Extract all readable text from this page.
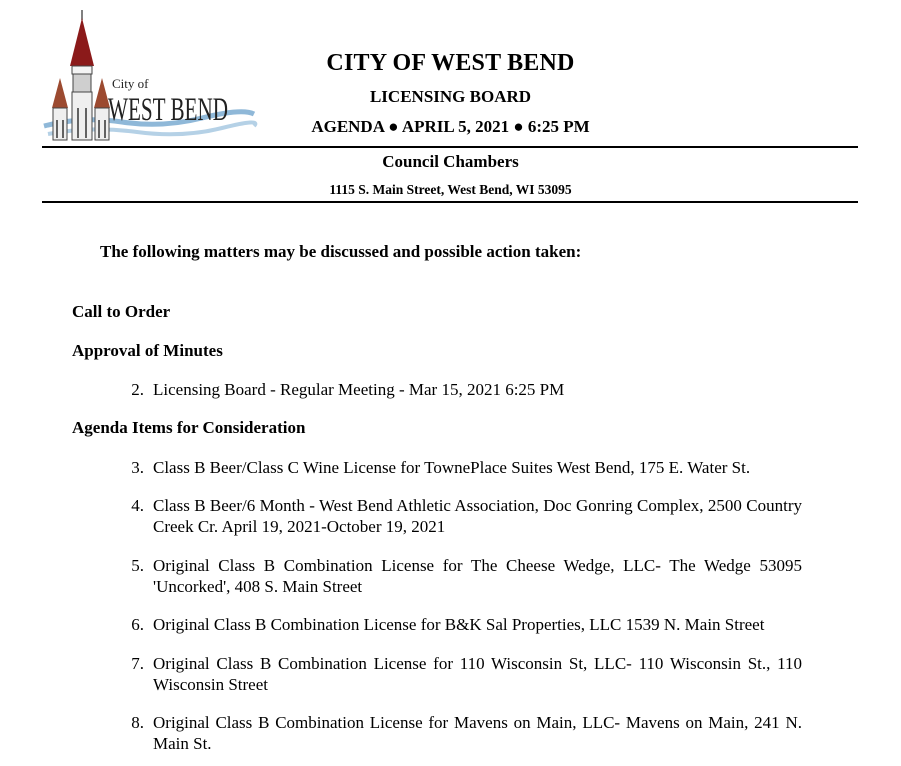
City of
WEST BEND
CITY OF WEST BEND
LICENSING BOARD
AGENDA ● APRIL 5, 2021 ● 6:25 PM
Council Chambers
1115 S. Main Street, West Bend, WI 53095
The following matters may be discussed and possible action taken:
Call to Order
Approval of Minutes
2. Licensing Board - Regular Meeting - Mar 15, 2021 6:25 PM
Agenda Items for Consideration
3. Class B Beer/Class C Wine License for TownePlace Suites West Bend, 175 E. Water St.
4. Class B Beer/6 Month - West Bend Athletic Association, Doc Gonring Complex, 2500 Country Creek Cr. April 19, 2021-October 19, 2021
5. Original Class B Combination License for The Cheese Wedge, LLC- The Wedge 53095 'Uncorked', 408 S. Main Street
6. Original Class B Combination License for B&K Sal Properties, LLC 1539 N. Main Street
7. Original Class B Combination License for 110 Wisconsin St, LLC- 110 Wisconsin St., 110 Wisconsin Street
8. Original Class B Combination License for Mavens on Main, LLC- Mavens on Main, 241 N. Main St.
